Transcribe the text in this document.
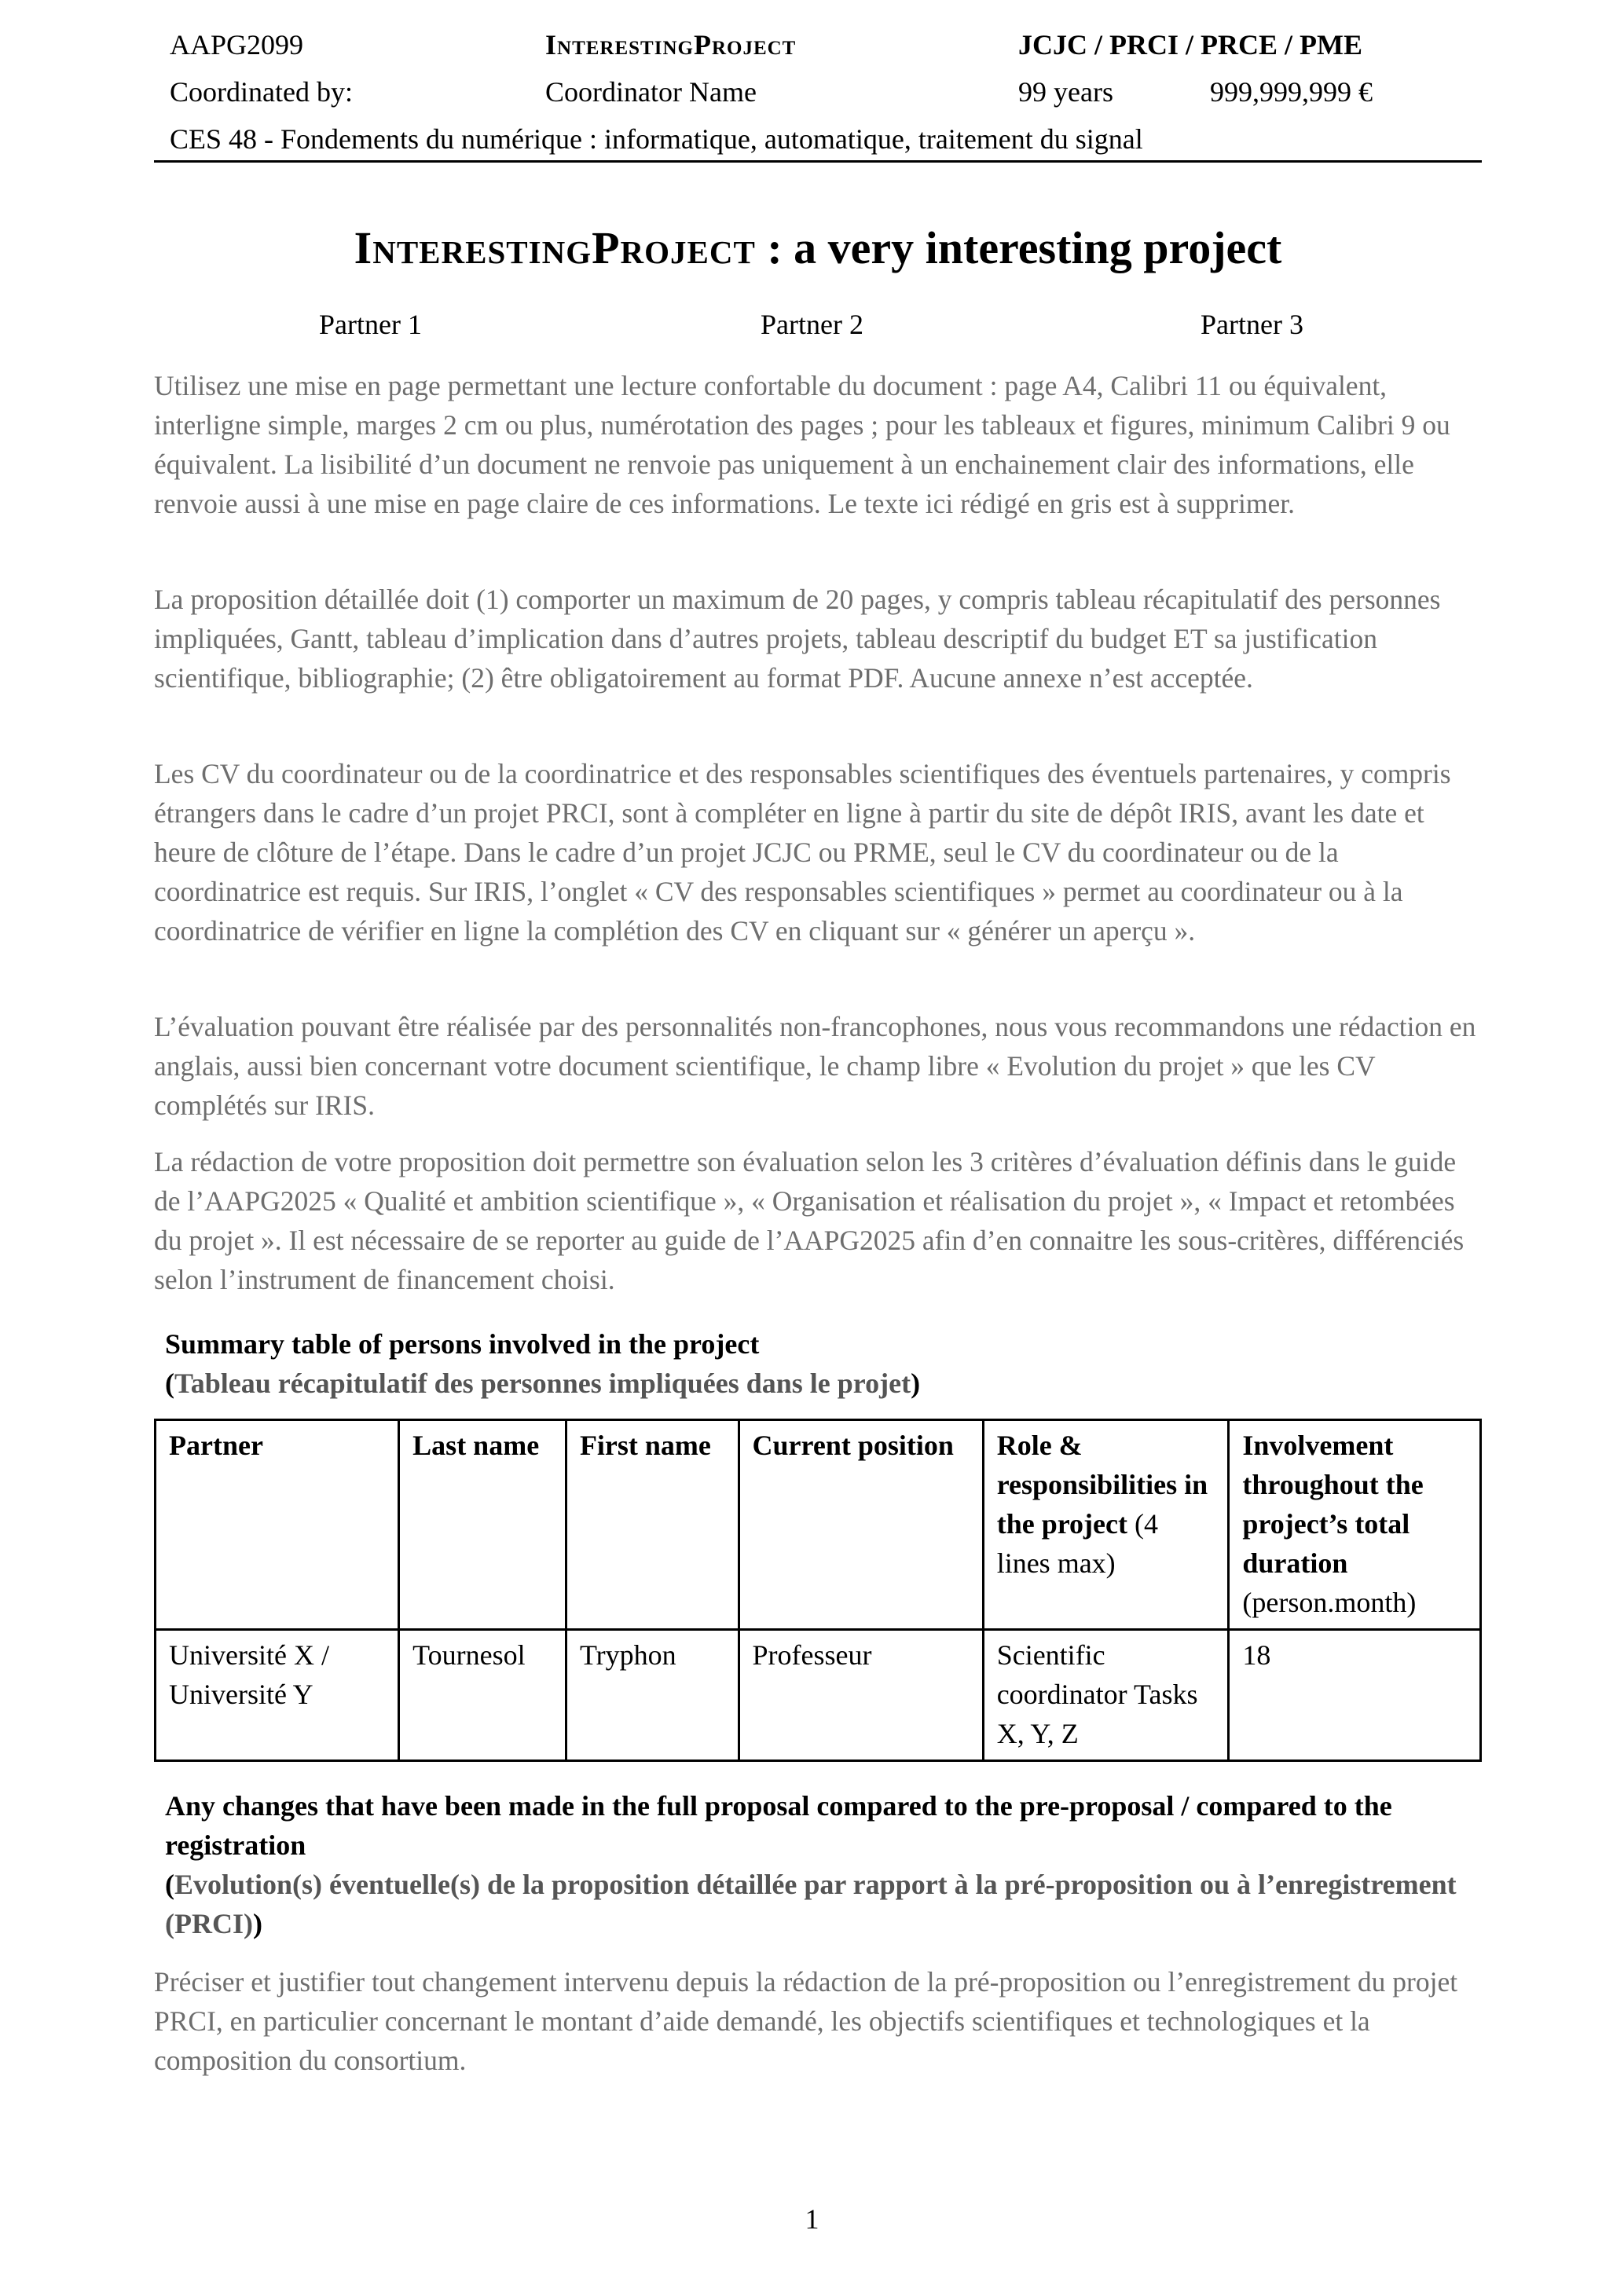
AAPG2099	InterestingProject	JCJC / PRCI / PRCE / PME
Coordinated by:	Coordinator Name	99 years	999,999,999 €
CES 48 - Fondements du numérique : informatique, automatique, traitement du signal
InterestingProject : a very interesting project
Partner 1	Partner 2	Partner 3

Utilisez une mise en page permettant une lecture confortable du document : page A4, Calibri 11 ou équivalent, interligne simple, marges 2 cm ou plus, numérotation des pages ; pour les tableaux et figures, minimum Calibri 9 ou équivalent. La lisibilité d’un document ne renvoie pas uniquement à un enchainement clair des informations, elle renvoie aussi à une mise en page claire de ces informations. Le texte ici rédigé en gris est à supprimer.

La proposition détaillée doit (1) comporter un maximum de 20 pages, y compris tableau récapitulatif des personnes impliquées, Gantt, tableau d’implication dans d’autres projets, tableau descriptif du budget ET sa justification scientifique, bibliographie; (2) être obligatoirement au format PDF. Aucune annexe n’est acceptée.

Les CV du coordinateur ou de la coordinatrice et des responsables scientifiques des éventuels partenaires, y compris étrangers dans le cadre d’un projet PRCI, sont à compléter en ligne à partir du site de dépôt IRIS, avant les date et heure de clôture de l’étape. Dans le cadre d’un projet JCJC ou PRME, seul le CV du coordinateur ou de la coordinatrice est requis. Sur IRIS, l’onglet « CV des responsables scientifiques » permet au coordinateur ou à la coordinatrice de vérifier en ligne la complétion des CV en cliquant sur « générer un aperçu ».

L’évaluation pouvant être réalisée par des personnalités non-francophones, nous vous recommandons une rédaction en anglais, aussi bien concernant votre document scientifique, le champ libre « Evolution du projet » que les CV complétés sur IRIS.

La rédaction de votre proposition doit permettre son évaluation selon les 3 critères d’évaluation définis dans le guide de l’AAPG2025 « Qualité et ambition scientifique », « Organisation et réalisation du projet », « Impact et retombées du projet ». Il est nécessaire de se reporter au guide de l’AAPG2025 afin d’en connaitre les sous-critères, différenciés selon l’instrument de financement choisi.

Summary table of persons involved in the project
(Tableau récapitulatif des personnes impliquées dans le projet)
Partner	Last name	First name	Current position	Role & responsibilities in the project (4 lines max)	Involvement throughout the project’s total duration
(person.month)
Université X / Université Y	Tournesol	Tryphon	Professeur	Scientific coordinator Tasks X, Y, Z	18
Any changes that have been made in the full proposal compared to the pre-proposal / compared to the registration
(Evolution(s) éventuelle(s) de la proposition détaillée par rapport à la pré-proposition ou à l’enregistrement (PRCI))

Préciser et justifier tout changement intervenu depuis la rédaction de la pré-proposition ou l’enregistrement du projet PRCI, en particulier concernant le montant d’aide demandé, les objectifs scientifiques et technologiques et la composition du consortium.

1
